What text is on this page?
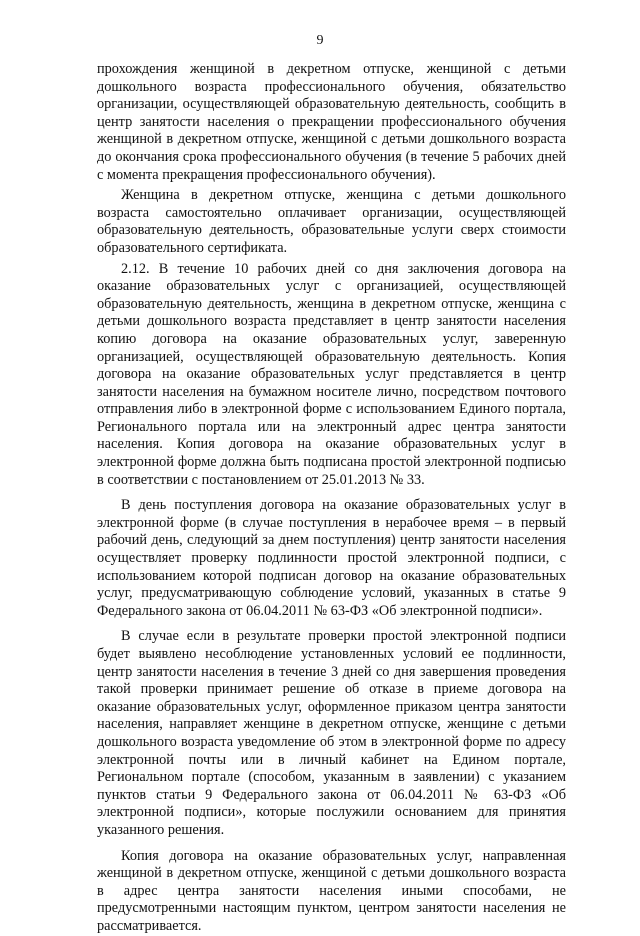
9

прохождения женщиной в декретном отпуске, женщиной с детьми дошкольного возраста профессионального обучения, обязательство организации, осуществляющей образовательную деятельность, сообщить в центр занятости населения о прекращении профессионального обучения женщиной в декретном отпуске, женщиной с детьми дошкольного возраста до окончания срока профессионального обучения (в течение 5 рабочих дней с момента прекращения профессионального обучения).

Женщина в декретном отпуске, женщина с детьми дошкольного возраста самостоятельно оплачивает организации, осуществляющей образовательную деятельность, образовательные услуги сверх стоимости образовательного сертификата.

2.12. В течение 10 рабочих дней со дня заключения договора на оказание образовательных услуг с организацией, осуществляющей образовательную деятельность, женщина в декретном отпуске, женщина с детьми дошкольного возраста представляет в центр занятости населения копию договора на оказание образовательных услуг, заверенную организацией, осуществляющей образовательную деятельность. Копия договора на оказание образовательных услуг представляется в центр занятости населения на бумажном носителе лично, посредством почтового отправления либо в электронной форме с использованием Единого портала, Регионального портала или на электронный адрес центра занятости населения. Копия договора на оказание образовательных услуг в электронной форме должна быть подписана простой электронной подписью в соответствии с постановлением от 25.01.2013 № 33.

В день поступления договора на оказание образовательных услуг в электронной форме (в случае поступления в нерабочее время – в первый рабочий день, следующий за днем поступления) центр занятости населения осуществляет проверку подлинности простой электронной подписи, с использованием которой подписан договор на оказание образовательных услуг, предусматривающую соблюдение условий, указанных в статье 9 Федерального закона от 06.04.2011 № 63-ФЗ «Об электронной подписи».

В случае если в результате проверки простой электронной подписи будет выявлено несоблюдение установленных условий ее подлинности, центр занятости населения в течение 3 дней со дня завершения проведения такой проверки принимает решение об отказе в приеме договора на оказание образовательных услуг, оформленное приказом центра занятости населения, направляет женщине в декретном отпуске, женщине с детьми дошкольного возраста уведомление об этом в электронной форме по адресу электронной почты или в личный кабинет на Едином портале, Региональном портале (способом, указанным в заявлении) с указанием пунктов статьи 9 Федерального закона от 06.04.2011 № 63-ФЗ «Об электронной подписи», которые послужили основанием для принятия указанного решения.

Копия договора на оказание образовательных услуг, направленная женщиной в декретном отпуске, женщиной с детьми дошкольного возраста в адрес центра занятости населения иными способами, не предусмотренными настоящим пунктом, центром занятости населения не рассматривается.
